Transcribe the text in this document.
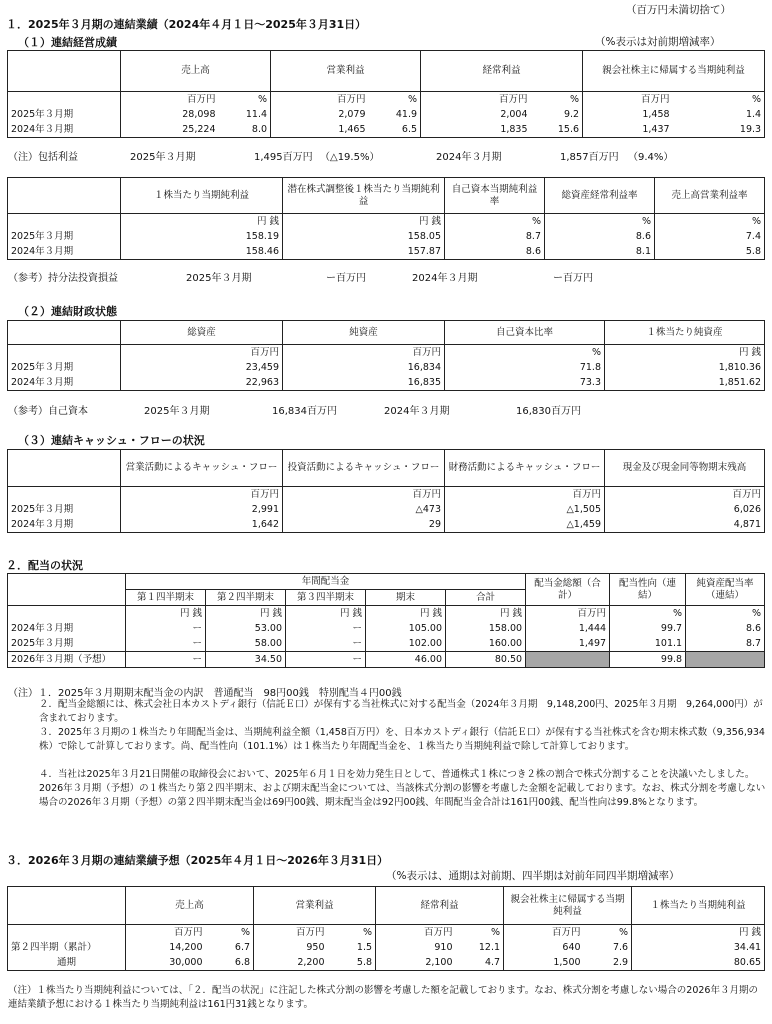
（百万円未満切捨て）
１．2025年３月期の連結業績（2024年４月１日～2025年３月31日）
（１）連結経営成績	（%表示は対前期増減率）
	売上高		営業利益		経常利益		親会社株主に帰属する当期純利益	
	百万円	%	百万円	%	百万円	%	百万円	%
2025年３月期	28,098	11.4	2,079	41.9	2,004	9.2	1,458	1.4
2024年３月期	25,224	8.0	1,465	6.5	1,835	15.6	1,437	19.3
（注）包括利益	2025年３月期	1,495百万円 （△19.5%）	2024年３月期	1,857百万円 （9.4%）
	１株当たり当期純利益	潜在株式調整後１株当たり当期純利益	自己資本当期純利益率	総資産経常利益率	売上高営業利益率
	円 銭	円 銭	%	%	%
2025年３月期	158.19	158.05	8.7	8.6	7.4
2024年３月期	158.46	157.87	8.6	8.1	5.8
（参考）持分法投資損益	2025年３月期	ー百万円	2024年３月期	ー百万円
（２）連結財政状態
	総資産	純資産	自己資本比率	１株当たり純資産
	百万円	百万円	%	円 銭
2025年３月期	23,459	16,834	71.8	1,810.36
2024年３月期	22,963	16,835	73.3	1,851.62
（参考）自己資本	2025年３月期	16,834百万円	2024年３月期	16,830百万円
（３）連結キャッシュ・フローの状況
	営業活動によるキャッシュ・フロー	投資活動によるキャッシュ・フロー	財務活動によるキャッシュ・フロー	現金及び現金同等物期末残高
	百万円	百万円	百万円	百万円
2025年３月期	2,991	△473	△1,505	6,026
2024年３月期	1,642	29	△1,459	4,871
２．配当の状況
	年間配当金					配当金総額（合計）	配当性向（連結）	純資産配当率（連結）
	第１四半期末	第２四半期末	第３四半期末	期末	合計			
	円 銭	円 銭	円 銭	円 銭	円 銭	百万円	%	%
2024年３月期	ー	53.00	ー	105.00	158.00	1,444	99.7	8.6
2025年３月期	ー	58.00	ー	102.00	160.00	1,497	101.1	8.7
2026年３月期（予想）	ー	34.50	ー	46.00	80.50		99.8	
（注）１．2025年３月期期末配当金の内訳　普通配当　98円00銭　特別配当４円00銭
２．配当金総額には、株式会社日本カストディ銀行（信託Ｅ口）が保有する当社株式に対する配当金（2024年３月期　9,148,200円、2025年３月期　9,264,000円）が含まれております。
３．2025年３月期の１株当たり年間配当金は、当期純利益全額（1,458百万円）を、日本カストディ銀行（信託Ｅ口）が保有する当社株式を含む期末株式数（9,356,934株）で除して計算しております。尚、配当性向（101.1%）は１株当たり年間配当金を、１株当たり当期純利益で除して計算しております。
４．当社は2025年３月21日開催の取締役会において、2025年６月１日を効力発生日として、普通株式１株につき２株の割合で株式分割することを決議いたしました。2026年３月期（予想）の１株当たり第２四半期末、および期末配当金については、当該株式分割の影響を考慮した金額を記載しております。なお、株式分割を考慮しない場合の2026年３月期（予想）の第２四半期末配当金は69円00銭、期末配当金は92円00銭、年間配当金合計は161円00銭、配当性向は99.8%となります。
３．2026年３月期の連結業績予想（2025年４月１日～2026年３月31日）
（%表示は、通期は対前期、四半期は対前年同四半期増減率）
	売上高		営業利益		経常利益		親会社株主に帰属する当期純利益		１株当たり当期純利益
	百万円	%	百万円	%	百万円	%	百万円	%	円 銭
第２四半期（累計）	14,200	6.7	950	1.5	910	12.1	640	7.6	34.41
通期	30,000	6.8	2,200	5.8	2,100	4.7	1,500	2.9	80.65
（注）１株当たり当期純利益については、「２．配当の状況」に注記した株式分割の影響を考慮した額を記載しております。なお、株式分割を考慮しない場合の2026年３月期の連結業績予想における１株当たり当期純利益は161円31銭となります。
